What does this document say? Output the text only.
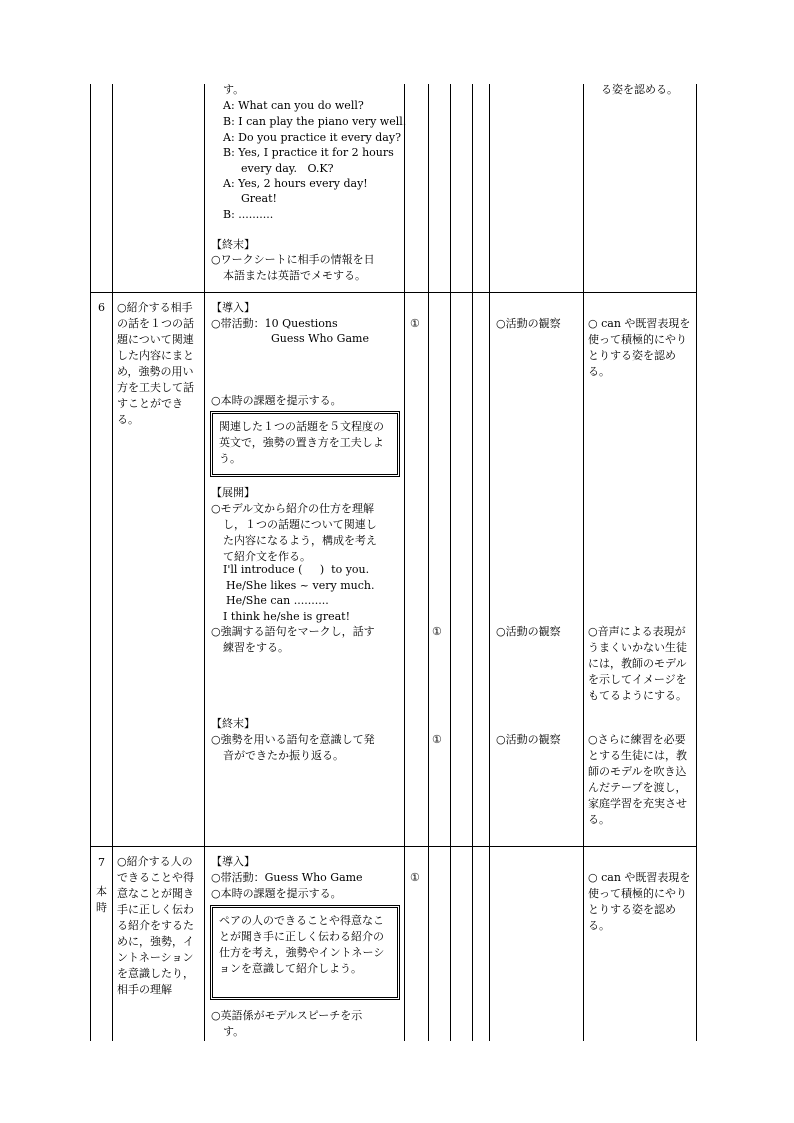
す。
A: What can you do well?
B: I can play the piano very well.
A: Do you practice it every day?
B: Yes, I practice it for 2 hours
every day.   O.K?
A: Yes, 2 hours every day!
Great!
B: ..........
【終末】
○ワークシートに相手の情報を日
本語または英語でメモする。
る姿を認める。
6	○紹介する相手の話を１つの話題について関連した内容にまとめ，強勢の用い方を工夫して話すことができる。
【導入】
○帯活動：10 Questions
Guess Who Game
○本時の課題を提示する。
関連した１つの話題を５文程度の英文で，強勢の置き方を工夫しよう。
【展開】
○モデル文から紹介の仕方を理解
し，１つの話題について関連し
た内容になるよう，構成を考え
て紹介文を作る。
I'll introduce (     )  to you.
He/She likes ~ very much.
He/She can ..........
I think he/she is great!
○強調する語句をマークし，話す
練習をする。
【終末】
○強勢を用いる語句を意識して発
音ができたか振り返る。
①
①
①
○活動の観察
○活動の観察
○活動の観察
○ can や既習表現を使って積極的にやりとりする姿を認める。
○音声による表現がうまくいかない生徒には，教師のモデルを示してイメージをもてるようにする。
○さらに練習を必要とする生徒には，教師のモデルを吹き込んだテープを渡し，家庭学習を充実させる。
7
本
時
○紹介する人のできることや得意なことが聞き手に正しく伝わる紹介をするために，強勢，イントネーションを意識したり，相手の理解
【導入】
○帯活動：Guess Who Game
○本時の課題を提示する。
ペアの人のできることや得意なことが聞き手に正しく伝わる紹介の仕方を考え，強勢やイントネーションを意識して紹介しよう。
○英語係がモデルスピーチを示
す。
①	○ can や既習表現を使って積極的にやりとりする姿を認める。
